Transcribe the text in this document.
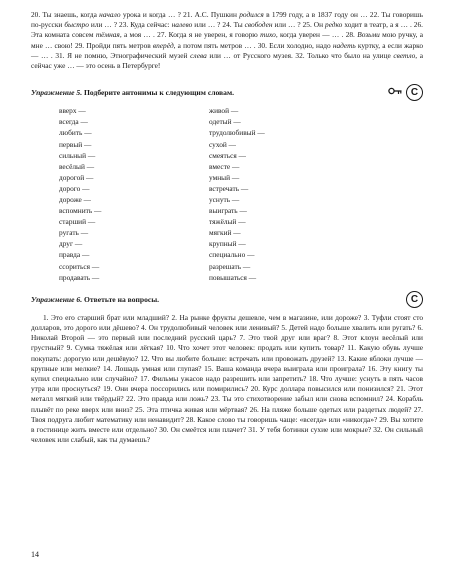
20. Ты знаешь, когда начало урока и когда … ? 21. А.С. Пушкин родился в 1799 году, а в 1837 году он … 22. Ты говоришь по-русски быстро или … ? 23. Куда сейчас: налево или … ? 24. Ты свободен или … ? 25. Он редко ходит в театр, а я … . 26. Эта комната совсем тёмная, а моя … . 27. Когда я не уверен, я говорю тихо, когда уверен — … . 28. Возьми мою ручку, а мне … свою! 29. Пройди пять метров вперёд, а потом пять метров … . 30. Если холодно, надо надеть куртку, а если жарко — … . 31. Я не помню, Этнографический музей слева или … от Русского музея. 32. Только что было на улице светло, а сейчас уже … — это осень в Петербурге!

Упражнение 5. Подберите антонимы к следующим словам.	C
вверх —
всегда —
любить —
первый —
сильный —
весёлый —
дорогой —
дорого —
дороже —
вспомнить —
старший —
ругать —
друг —
правда —
ссориться —
продавать —
живой —
одетый —
трудолюбивый —
сухой —
смеяться —
вместе —
умный —
встречать —
уснуть —
выиграть —
тяжёлый —
мягкий —
крупный —
специально —
разрешать —
повышаться —
Упражнение 6. Ответьте на вопросы.	C

1. Это его старший брат или младший? 2. На рынке фрукты дешевле, чем в магазине, или дороже? 3. Туфли стоят сто долларов, это дорого или дёшево? 4. Он трудолюбивый человек или ленивый? 5. Детей надо больше хвалить или ругать? 6. Николай Второй — это первый или последний русский царь? 7. Это твой друг или враг? 8. Этот клоун весёлый или грустный? 9. Сумка тяжёлая или лёгкая? 10. Что хочет этот человек: продать или купить товар? 11. Какую обувь лучше покупать: дорогую или дешёвую? 12. Что вы любите больше: встречать или провожать друзей? 13. Какие яблоки лучше — крупные или мелкие? 14. Лошадь умная или глупая? 15. Ваша команда вчера выиграла или проиграла? 16. Эту книгу ты купил специально или случайно? 17. Фильмы ужасов надо разрешить или запретить? 18. Что лучше: уснуть в пять часов утра или проснуться? 19. Они вчера поссорились или помирились? 20. Курс доллара повысился или понизился? 21. Этот металл мягкий или твёрдый? 22. Это правда или ложь? 23. Ты это стихотворение забыл или снова вспомнил? 24. Корабль плывёт по реке вверх или вниз? 25. Эта птичка живая или мёртвая? 26. На пляже больше одетых или раздетых людей? 27. Твоя подруга любит математику или ненавидит? 28. Какое слово ты говоришь чаще: «всегда» или «никогда»? 29. Вы хотите в гостинице жить вместе или отдельно? 30. Он смеётся или плачет? 31. У тебя ботинки сухие или мокрые? 32. Он сильный человек или слабый, как ты думаешь?

14
